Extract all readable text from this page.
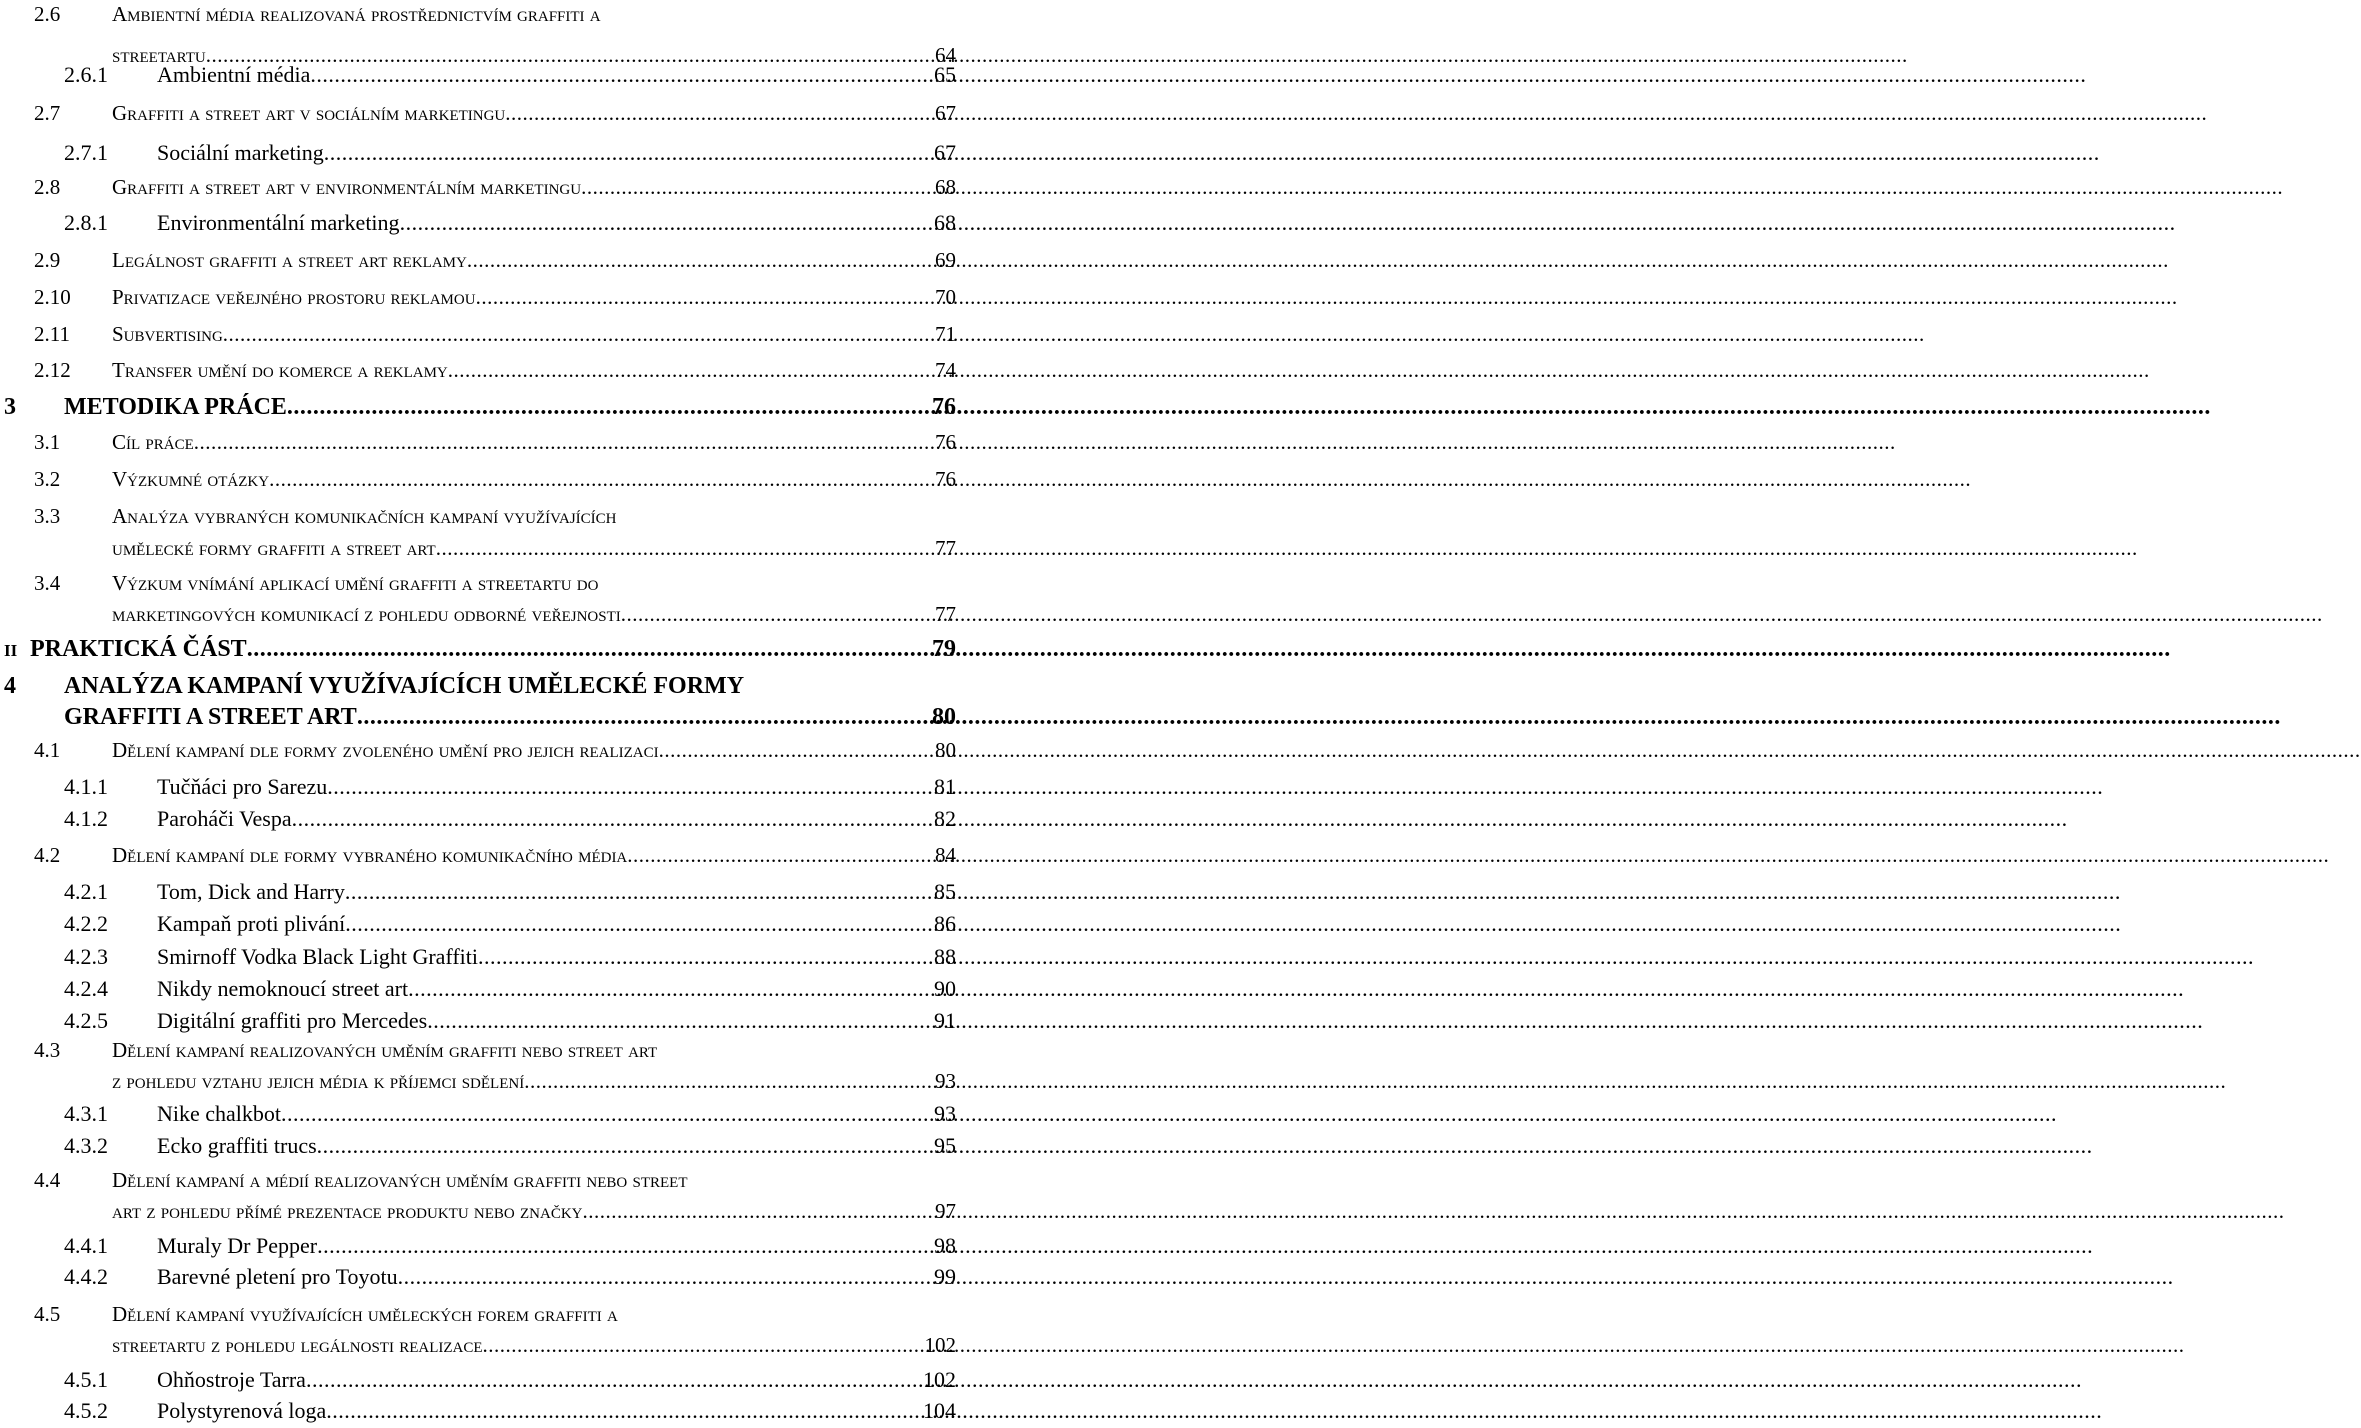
2.6 Ambientní média realizovaná prostřednictvím graffiti a
streetartu .....	64
2.6.1 Ambientní média .....	65
2.7 Graffiti a street art v sociálním marketingu .....	67
2.7.1 Sociální marketing .....	67
2.8 Graffiti a street art v environmentálním marketingu .....	68
2.8.1 Environmentální marketing .....	68
2.9 Legálnost graffiti a street art reklamy .....	69
2.10 Privatizace veřejného prostoru reklamou .....	70
2.11 Subvertising .....	71
2.12 Transfer umění do komerce a reklamy .....	74
3 METODIKA PRÁCE .....	76
3.1 Cíl práce .....	76
3.2 Výzkumné otázky .....	76
3.3 Analýza vybraných komunikačních kampaní využívajících
umělecké formy graffiti a street art .....	77
3.4 Výzkum vnímání aplikací umění graffiti a streetartu do
marketingových komunikací z pohledu odborné veřejnosti .....	77
II PRAKTICKÁ ČÁST .....	79
4 ANALÝZA KAMPANÍ VYUŽÍVAJÍCÍCH UMĚLECKÉ FORMY
GRAFFITI A STREET ART .....	80
4.1 Dělení kampaní dle formy zvoleného umění pro jejich realizaci .....	80
4.1.1 Tučňáci pro Sarezu .....	81
4.1.2 Paroháči Vespa .....	82
4.2 Dělení kampaní dle formy vybraného komunikačního média .....	84
4.2.1 Tom, Dick and Harry .....	85
4.2.2 Kampaň proti plivání .....	86
4.2.3 Smirnoff Vodka Black Light Graffiti .....	88
4.2.4 Nikdy nemoknoucí street art .....	90
4.2.5 Digitální graffiti pro Mercedes .....	91
4.3 Dělení kampaní realizovaných uměním graffiti nebo street art
z pohledu vztahu jejich média k příjemci sdělení .....	93
4.3.1 Nike chalkbot .....	93
4.3.2 Ecko graffiti trucs .....	95
4.4 Dělení kampaní a médií realizovaných uměním graffiti nebo street
art z pohledu přímé prezentace produktu nebo značky .....	97
4.4.1 Muraly Dr Pepper .....	98
4.4.2 Barevné pletení pro Toyotu .....	99
4.5 Dělení kampaní využívajících uměleckých forem graffiti a
streetartu z pohledu legálnosti realizace .....	102
4.5.1 Ohňostroje Tarra .....	102
4.5.2 Polystyrenová loga .....	104
